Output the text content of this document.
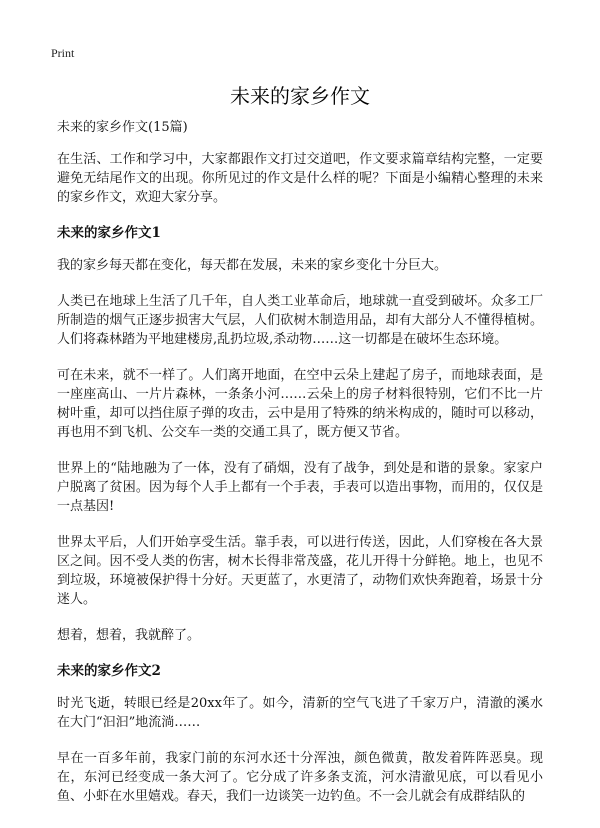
Print
未来的家乡作文

未来的家乡作文(15篇)

在生活、工作和学习中，大家都跟作文打过交道吧，作文要求篇章结构完整，一定要避免无结尾作文的出现。你所见过的作文是什么样的呢？下面是小编精心整理的未来的家乡作文，欢迎大家分享。

未来的家乡作文1

我的家乡每天都在变化，每天都在发展，未来的家乡变化十分巨大。

人类已在地球上生活了几千年，自人类工业革命后，地球就一直受到破坏。众多工厂所制造的烟气正逐步损害大气层，人们砍树木制造用品，却有大部分人不懂得植树。人们将森林踏为平地建楼房,乱扔垃圾,杀动物……这一切都是在破坏生态环境。

可在未来，就不一样了。人们离开地面，在空中云朵上建起了房子，而地球表面，是一座座高山、一片片森林，一条条小河……云朵上的房子材料很特别，它们不比一片树叶重，却可以挡住原子弹的攻击，云中是用了特殊的纳米构成的，随时可以移动，再也用不到飞机、公交车一类的交通工具了，既方便又节省。

世界上的“陆地融为了一体，没有了硝烟，没有了战争，到处是和谐的景象。家家户户脱离了贫困。因为每个人手上都有一个手表，手表可以造出事物，而用的，仅仅是一点基因!

世界太平后，人们开始享受生活。靠手表，可以进行传送，因此，人们穿梭在各大景区之间。因不受人类的伤害，树木长得非常茂盛，花儿开得十分鲜艳。地上，也见不到垃圾，环境被保护得十分好。天更蓝了，水更清了，动物们欢快奔跑着，场景十分迷人。

想着，想着，我就醉了。

未来的家乡作文2

时光飞逝，转眼已经是20xx年了。如今，清新的空气飞进了千家万户，清澈的溪水在大门“汩汩”地流淌……

早在一百多年前，我家门前的东河水还十分浑浊，颜色微黄，散发着阵阵恶臭。现在，东河已经变成一条大河了。它分成了许多条支流，河水清澈见底，可以看见小鱼、小虾在水里嬉戏。春天，我们一边谈笑一边钓鱼。不一会儿就会有成群结队的
